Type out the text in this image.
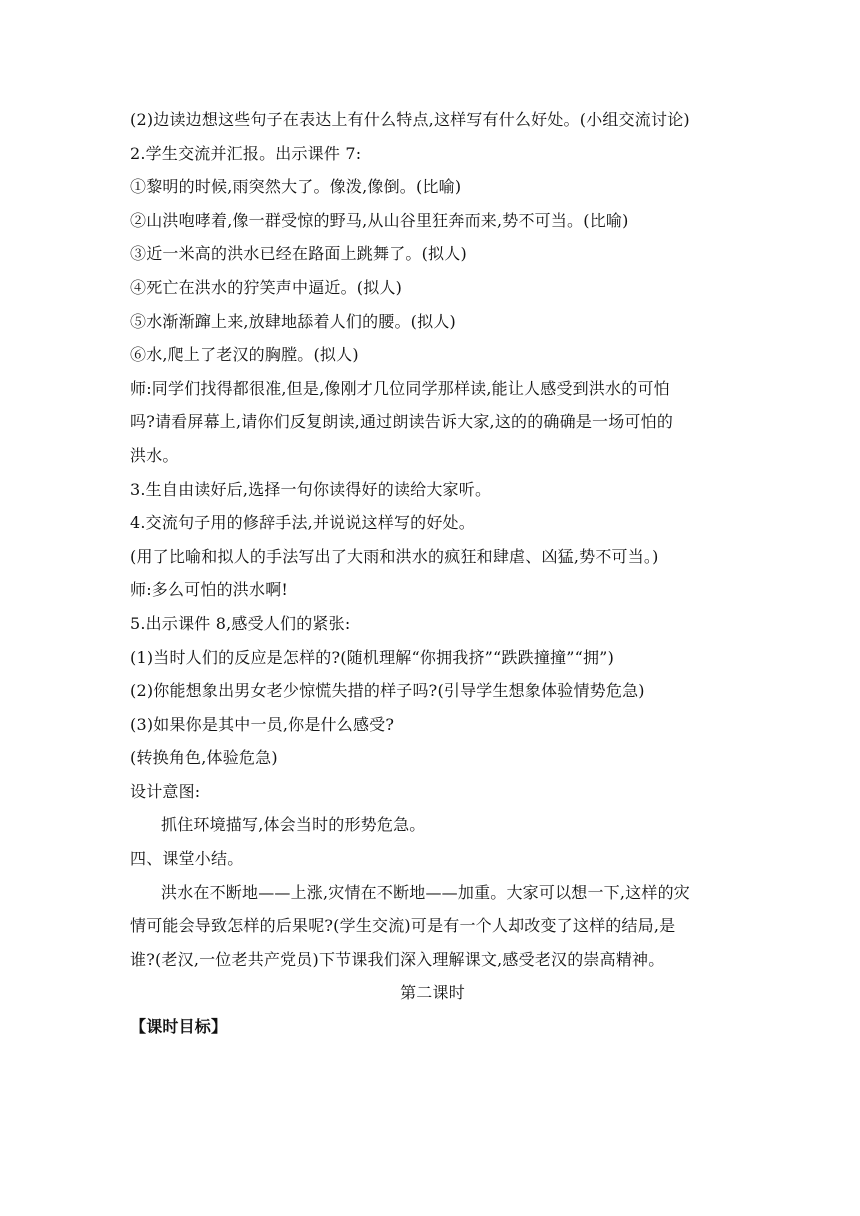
(2)边读边想这些句子在表达上有什么特点,这样写有什么好处。(小组交流讨论)
2.学生交流并汇报。出示课件 7:
①黎明的时候,雨突然大了。像泼,像倒。(比喻)
②山洪咆哮着,像一群受惊的野马,从山谷里狂奔而来,势不可当。(比喻)
③近一米高的洪水已经在路面上跳舞了。(拟人)
④死亡在洪水的狞笑声中逼近。(拟人)
⑤水渐渐蹿上来,放肆地舔着人们的腰。(拟人)
⑥水,爬上了老汉的胸膛。(拟人)
师:同学们找得都很准,但是,像刚才几位同学那样读,能让人感受到洪水的可怕
吗?请看屏幕上,请你们反复朗读,通过朗读告诉大家,这的的确确是一场可怕的
洪水。
3.生自由读好后,选择一句你读得好的读给大家听。
4.交流句子用的修辞手法,并说说这样写的好处。
(用了比喻和拟人的手法写出了大雨和洪水的疯狂和肆虐、凶猛,势不可当。)
师:多么可怕的洪水啊!
5.出示课件 8,感受人们的紧张:
(1)当时人们的反应是怎样的?(随机理解“你拥我挤”“跌跌撞撞”“拥”)
(2)你能想象出男女老少惊慌失措的样子吗?(引导学生想象体验情势危急)
(3)如果你是其中一员,你是什么感受?
(转换角色,体验危急)
设计意图:
抓住环境描写,体会当时的形势危急。
四、课堂小结。
洪水在不断地——上涨,灾情在不断地——加重。大家可以想一下,这样的灾
情可能会导致怎样的后果呢?(学生交流)可是有一个人却改变了这样的结局,是
谁?(老汉,一位老共产党员)下节课我们深入理解课文,感受老汉的崇高精神。
第二课时
【课时目标】
